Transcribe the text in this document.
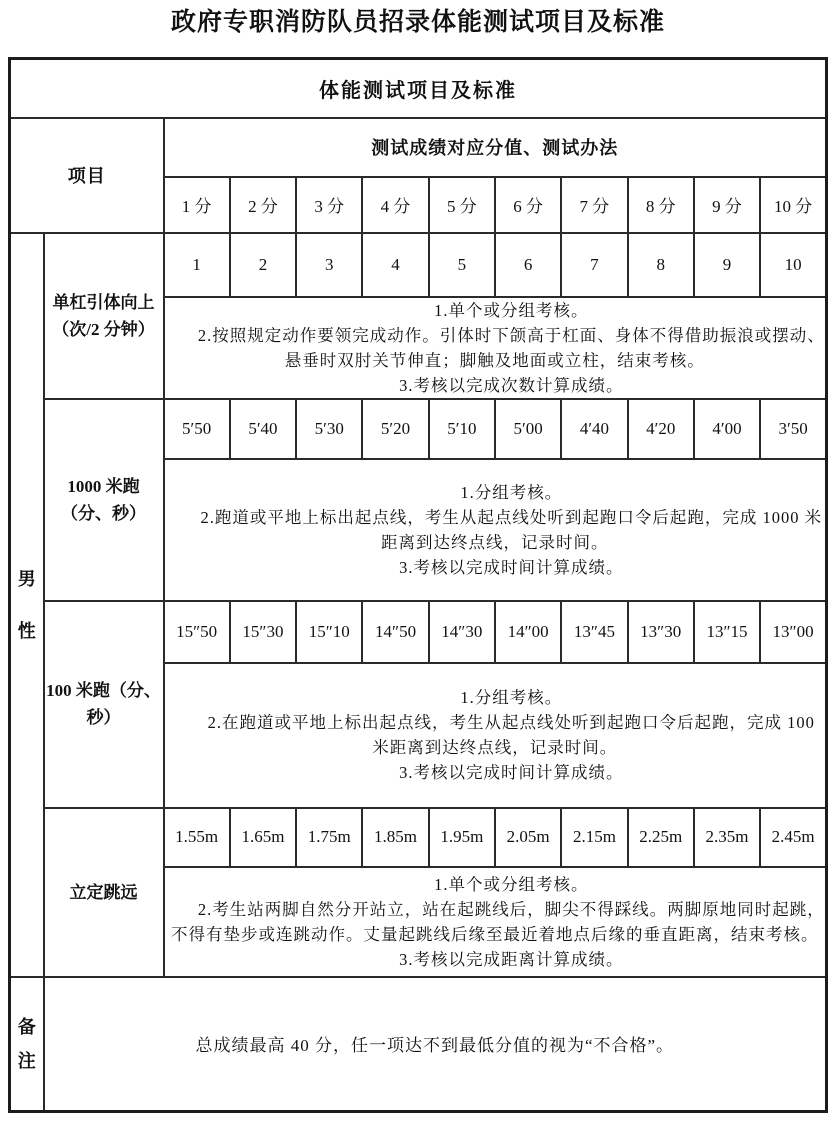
政府专职消防队员招录体能测试项目及标准
体能测试项目及标准											
项目		测试成绩对应分值、测试办法									
		1 分	2 分	3 分	4 分	5 分	6 分	7 分	8 分	9 分	10 分
男性	单杠引体向上（次/2 分钟）	1	2	3	4	5	6	7	8	9	10

		1.单个或分组考核。

2.按照规定动作要领完成动作。引体时下颌高于杠面、身体不得借助振浪或摆动、悬垂时双肘关节伸直；脚触及地面或立柱，结束考核。

3.考核以完成次数计算成绩。									

	1000 米跑（分、秒）	5′50	5′40	5′30	5′20	5′10	5′00	4′40	4′20	4′00	3′50

		1.分组考核。

2.跑道或平地上标出起点线，考生从起点线处听到起跑口令后起跑，完成 1000 米距离到达终点线，记录时间。

3.考核以完成时间计算成绩。									

	100 米跑（分、秒）	15″50	15″30	15″10	14″50	14″30	14″00	13″45	13″30	13″15	13″00

		1.分组考核。

2.在跑道或平地上标出起点线，考生从起点线处听到起跑口令后起跑，完成 100 米距离到达终点线，记录时间。

3.考核以完成时间计算成绩。									

	立定跳远	1.55m	1.65m	1.75m	1.85m	1.95m	2.05m	2.15m	2.25m	2.35m	2.45m

		1.单个或分组考核。

2.考生站两脚自然分开站立，站在起跳线后，脚尖不得踩线。两脚原地同时起跳，不得有垫步或连跳动作。丈量起跳线后缘至最近着地点后缘的垂直距离，结束考核。

3.考核以完成距离计算成绩。									

备注	总成绩最高 40 分，任一项达不到最低分值的视为“不合格”。										
